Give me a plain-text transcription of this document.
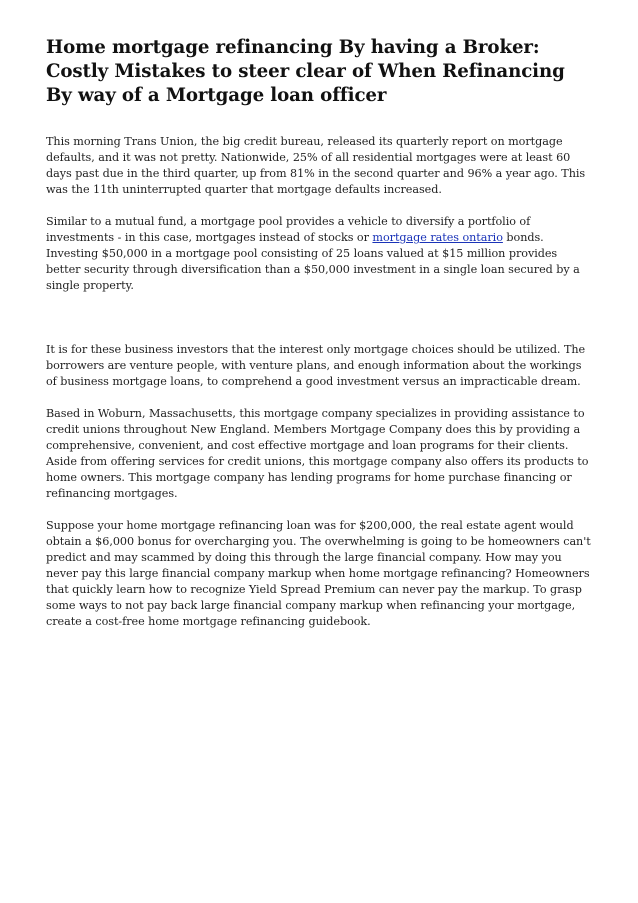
Home mortgage refinancing By having a Broker: Costly Mistakes to steer clear of When Refinancing By way of a Mortgage loan officer

This morning Trans Union, the big credit bureau, released its quarterly report on mortgage defaults, and it was not pretty. Nationwide, 25% of all residential mortgages were at least 60 days past due in the third quarter, up from 81% in the second quarter and 96% a year ago. This was the 11th uninterrupted quarter that mortgage defaults increased.

Similar to a mutual fund, a mortgage pool provides a vehicle to diversify a portfolio of investments - in this case, mortgages instead of stocks or mortgage rates ontario bonds. Investing $50,000 in a mortgage pool consisting of 25 loans valued at $15 million provides better security through diversification than a $50,000 investment in a single loan secured by a single property.

It is for these business investors that the interest only mortgage choices should be utilized. The borrowers are venture people, with venture plans, and enough information about the workings of business mortgage loans, to comprehend a good investment versus an impracticable dream.

Based in Woburn, Massachusetts, this mortgage company specializes in providing assistance to credit unions throughout New England. Members Mortgage Company does this by providing a comprehensive, convenient, and cost effective mortgage and loan programs for their clients. Aside from offering services for credit unions, this mortgage company also offers its products to home owners. This mortgage company has lending programs for home purchase financing or refinancing mortgages.

Suppose your home mortgage refinancing loan was for $200,000, the real estate agent would obtain a $6,000 bonus for overcharging you. The overwhelming is going to be homeowners can't predict and may scammed by doing this through the large financial company. How may you never pay this large financial company markup when home mortgage refinancing? Homeowners that quickly learn how to recognize Yield Spread Premium can never pay the markup. To grasp some ways to not pay back large financial company markup when refinancing your mortgage, create a cost-free home mortgage refinancing guidebook.
